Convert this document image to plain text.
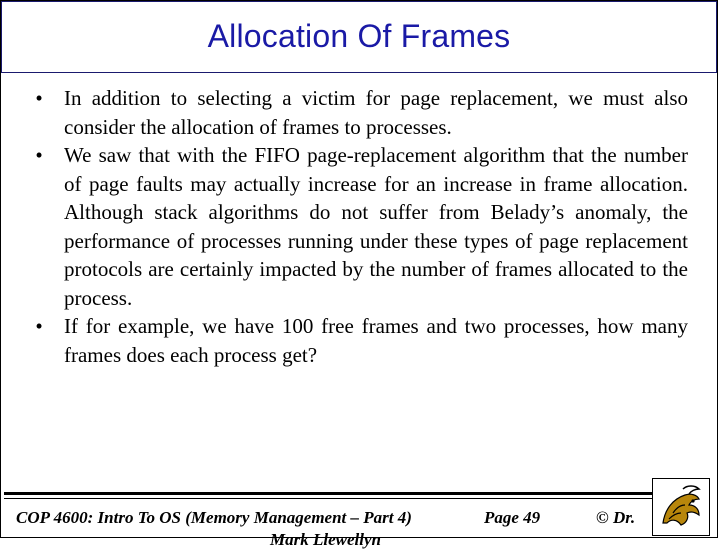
Allocation Of Frames
• In addition to selecting a victim for page replacement, we must also consider the allocation of frames to processes.
• We saw that with the FIFO page-replacement algorithm that the number of page faults may actually increase for an increase in frame allocation. Although stack algorithms do not suffer from Belady’s anomaly, the performance of processes running under these types of page replacement protocols are certainly impacted by the number of frames allocated to the process.
• If for example, we have 100 free frames and two processes, how many frames does each process get?
COP 4600: Intro To OS (Memory Management – Part 4)	Page 49	© Dr.
Mark Llewellyn
